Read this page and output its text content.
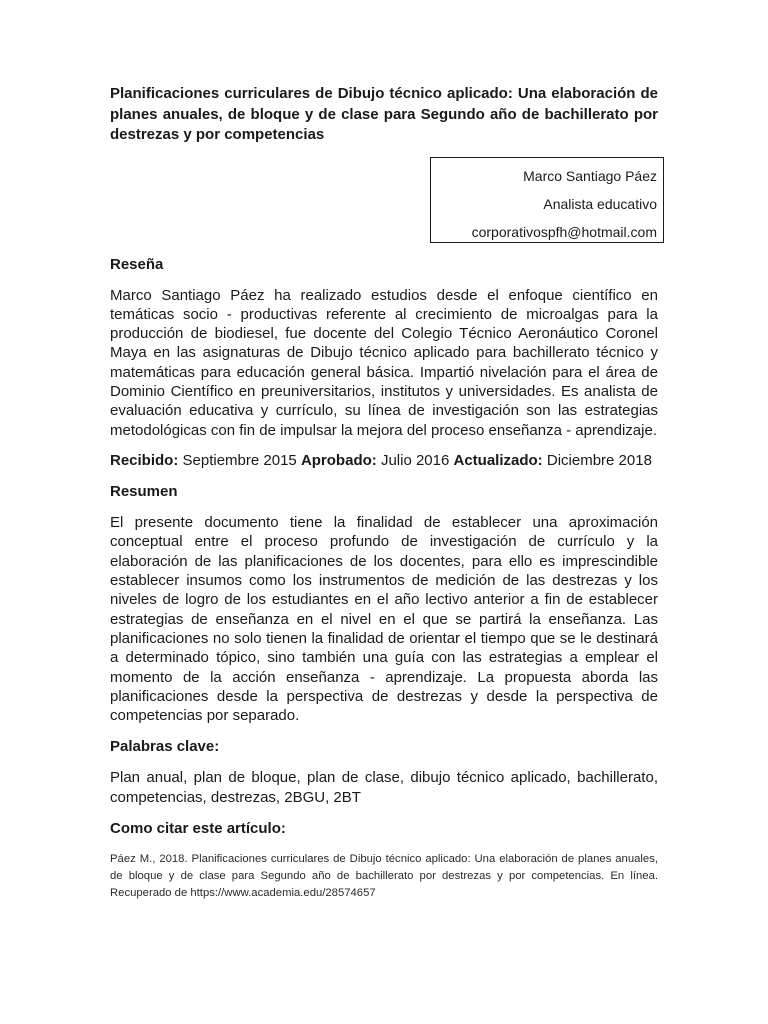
Planificaciones curriculares de Dibujo técnico aplicado: Una elaboración de planes anuales, de bloque y de clase para Segundo año de bachillerato por destrezas y por competencias
Marco Santiago Páez
Analista educativo
corporativospfh@hotmail.com
Reseña

Marco Santiago Páez ha realizado estudios desde el enfoque científico en temáticas socio - productivas referente al crecimiento de microalgas para la producción de biodiesel, fue docente del Colegio Técnico Aeronáutico Coronel Maya en las asignaturas de Dibujo técnico aplicado para bachillerato técnico y matemáticas para educación general básica. Impartió nivelación para el área de Dominio Científico en preuniversitarios, institutos y universidades. Es analista de evaluación educativa y currículo, su línea de investigación son las estrategias metodológicas con fin de impulsar la mejora del proceso enseñanza - aprendizaje.

Recibido: Septiembre 2015 Aprobado: Julio 2016 Actualizado: Diciembre 2018

Resumen

El presente documento tiene la finalidad de establecer una aproximación conceptual entre el proceso profundo de investigación de currículo y la elaboración de las planificaciones de los docentes, para ello es imprescindible establecer insumos como los instrumentos de medición de las destrezas y los niveles de logro de los estudiantes en el año lectivo anterior a fin de establecer estrategias de enseñanza en el nivel en el que se partirá la enseñanza. Las planificaciones no solo tienen la finalidad de orientar el tiempo que se le destinará a determinado tópico, sino también una guía con las estrategias a emplear el momento de la acción enseñanza - aprendizaje. La propuesta aborda las planificaciones desde la perspectiva de destrezas y desde la perspectiva de competencias por separado.

Palabras clave:

Plan anual, plan de bloque, plan de clase, dibujo técnico aplicado, bachillerato, competencias, destrezas, 2BGU, 2BT

Como citar este artículo:

Páez M., 2018. Planificaciones curriculares de Dibujo técnico aplicado: Una elaboración de planes anuales, de bloque y de clase para Segundo año de bachillerato por destrezas y por competencias. En línea. Recuperado de https://www.academia.edu/28574657
